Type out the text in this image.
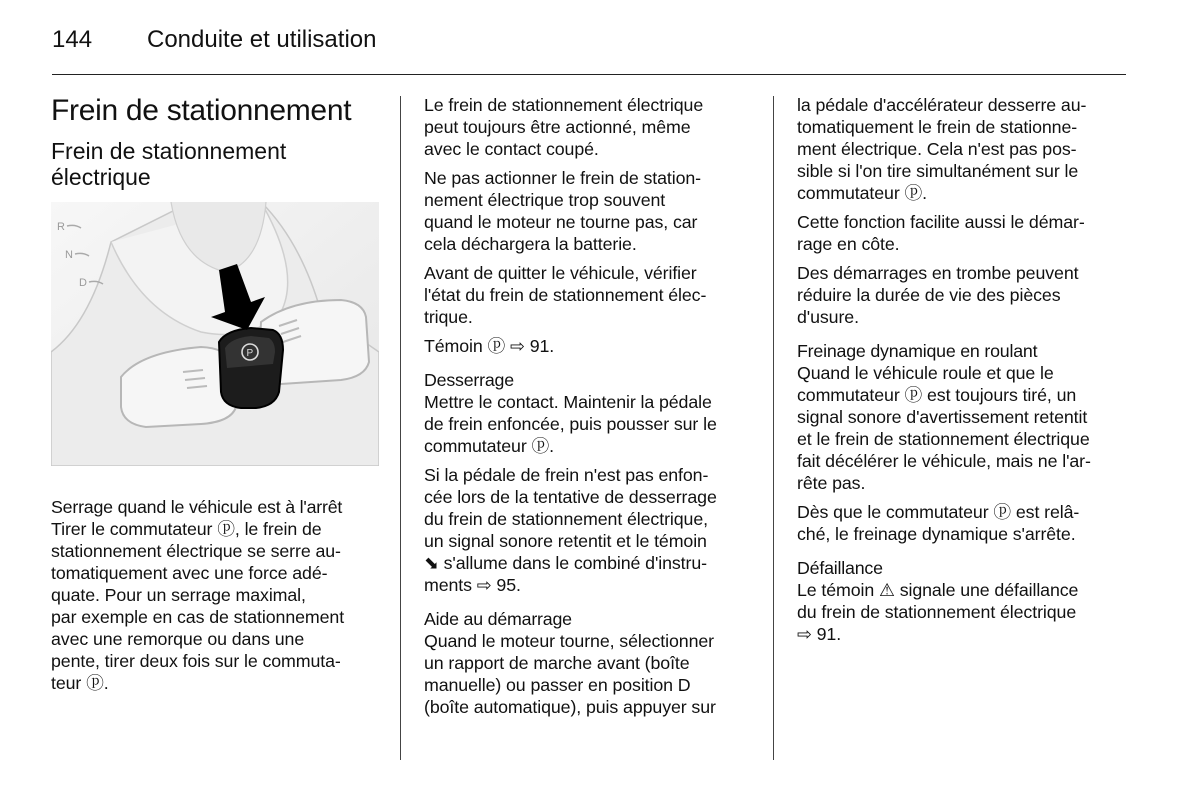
144 Conduite et utilisation
Frein de stationnement
Frein de stationnement
électrique
P
R
N
D
Serrage quand le véhicule est à l'arrêt
Tirer le commutateur ⓟ, le frein de
stationnement électrique se serre au-
tomatiquement avec une force adé-
quate. Pour un serrage maximal,
par exemple en cas de stationnement
avec une remorque ou dans une
pente, tirer deux fois sur le commuta-
teur ⓟ.
Le frein de stationnement électrique
peut toujours être actionné, même
avec le contact coupé.
Ne pas actionner le frein de station-
nement électrique trop souvent
quand le moteur ne tourne pas, car
cela déchargera la batterie.
Avant de quitter le véhicule, vérifier
l'état du frein de stationnement élec-
trique.
Témoin ⓟ ⇨ 91.
Desserrage
Mettre le contact. Maintenir la pédale
de frein enfoncée, puis pousser sur le
commutateur ⓟ.
Si la pédale de frein n'est pas enfon-
cée lors de la tentative de desserrage
du frein de stationnement électrique,
un signal sonore retentit et le témoin
⬊ s'allume dans le combiné d'instru-
ments ⇨ 95.
Aide au démarrage
Quand le moteur tourne, sélectionner
un rapport de marche avant (boîte
manuelle) ou passer en position D
(boîte automatique), puis appuyer sur
la pédale d'accélérateur desserre au-
tomatiquement le frein de stationne-
ment électrique. Cela n'est pas pos-
sible si l'on tire simultanément sur le
commutateur ⓟ.
Cette fonction facilite aussi le démar-
rage en côte.
Des démarrages en trombe peuvent
réduire la durée de vie des pièces
d'usure.
Freinage dynamique en roulant
Quand le véhicule roule et que le
commutateur ⓟ est toujours tiré, un
signal sonore d'avertissement retentit
et le frein de stationnement électrique
fait décélérer le véhicule, mais ne l'ar-
rête pas.
Dès que le commutateur ⓟ est relâ-
ché, le freinage dynamique s'arrête.
Défaillance
Le témoin ⚠ signale une défaillance
du frein de stationnement électrique
⇨ 91.
